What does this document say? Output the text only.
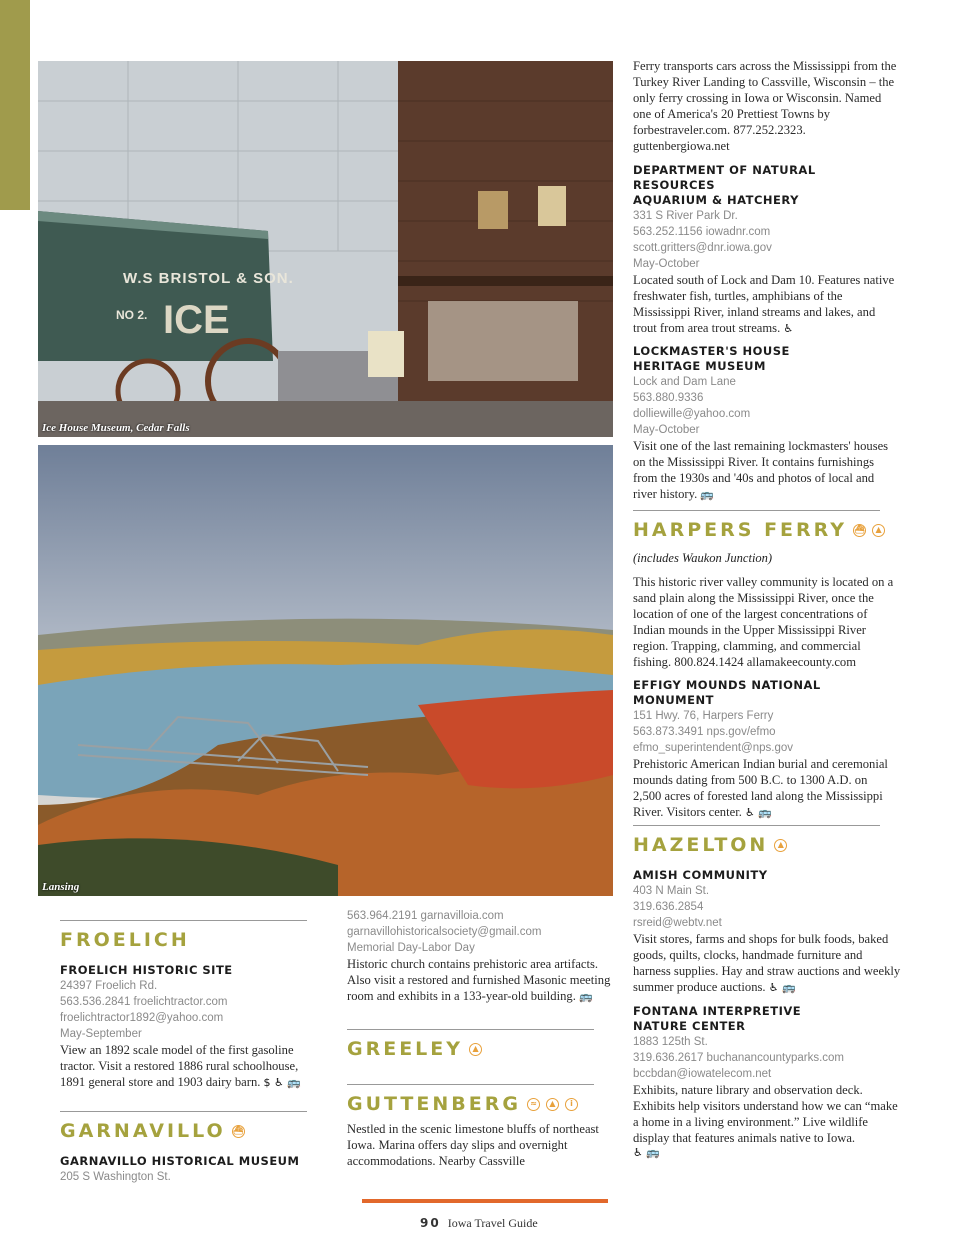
W.S BRISTOL & SON.
NO 2. ICE
Ice House Museum, Cedar Falls
Lansing
Ferry transports cars across the Mississippi from the Turkey River Landing to Cassville, Wisconsin – the only ferry crossing in Iowa or Wisconsin. Named one of America's 20 Prettiest Towns by forbestraveler.com. 877.252.2323. guttenbergiowa.net
DEPARTMENT OF NATURAL RESOURCES
AQUARIUM & HATCHERY
331 S River Park Dr.
563.252.1156 iowadnr.com
scott.gritters@dnr.iowa.gov
May-October
Located south of Lock and Dam 10. Features native freshwater fish, turtles, amphibians of the Mississippi River, inland streams and lakes, and trout from area trout streams. ♿
LOCKMASTER'S HOUSE
HERITAGE MUSEUM
Lock and Dam Lane
563.880.9336
dolliewille@yahoo.com
May-October
Visit one of the last remaining lockmasters' houses on the Mississippi River. It contains furnishings from the 1930s and '40s and photos of local and river history. 🚌
HARPERS FERRY ⛴	▲
(includes Waukon Junction)
This historic river valley community is located on a sand plain along the Mississippi River, once the location of one of the largest concentrations of Indian mounds in the Upper Mississippi River region. Trapping, clamming, and commercial fishing. 800.824.1424 allamakeecounty.com
EFFIGY MOUNDS NATIONAL MONUMENT
151 Hwy. 76, Harpers Ferry
563.873.3491 nps.gov/efmo
efmo_superintendent@nps.gov
Prehistoric American Indian burial and ceremonial mounds dating from 500 B.C. to 1300 A.D. on 2,500 acres of forested land along the Mississippi River. Visitors center. ♿ 🚌
HAZELTON	▲
AMISH COMMUNITY
403 N Main St.
319.636.2854
rsreid@webtv.net
Visit stores, farms and shops for bulk foods, baked goods, quilts, clocks, handmade furniture and harness supplies. Hay and straw auctions and weekly summer produce auctions. ♿ 🚌
FONTANA INTERPRETIVE
NATURE CENTER
1883 125th St.
319.636.2617 buchanancountyparks.com
bccbdan@iowatelecom.net
Exhibits, nature library and observation deck. Exhibits help visitors understand how we can “make a home in a living environment.” Live wildlife display that features animals native to Iowa.
♿ 🚌
FROELICH
FROELICH HISTORIC SITE
24397 Froelich Rd.
563.536.2841 froelichtractor.com
froelichtractor1892@yahoo.com
May-September
View an 1892 scale model of the first gasoline tractor. Visit a restored 1886 rural schoolhouse, 1891 general store and 1903 dairy barn. $ ♿ 🚌
GARNAVILLO ⛴
GARNAVILLO HISTORICAL MUSEUM
205 S Washington St.
563.964.2191 garnavilloia.com
garnavillohistoricalsociety@gmail.com
Memorial Day-Labor Day
Historic church contains prehistoric area artifacts. Also visit a restored and furnished Masonic meeting room and exhibits in a 133-year-old building. 🚌
GREELEY	▲
GUTTENBERG	≈	▲	i
Nestled in the scenic limestone bluffs of northeast Iowa. Marina offers day slips and overnight accommodations. Nearby Cassville
90 Iowa Travel Guide
